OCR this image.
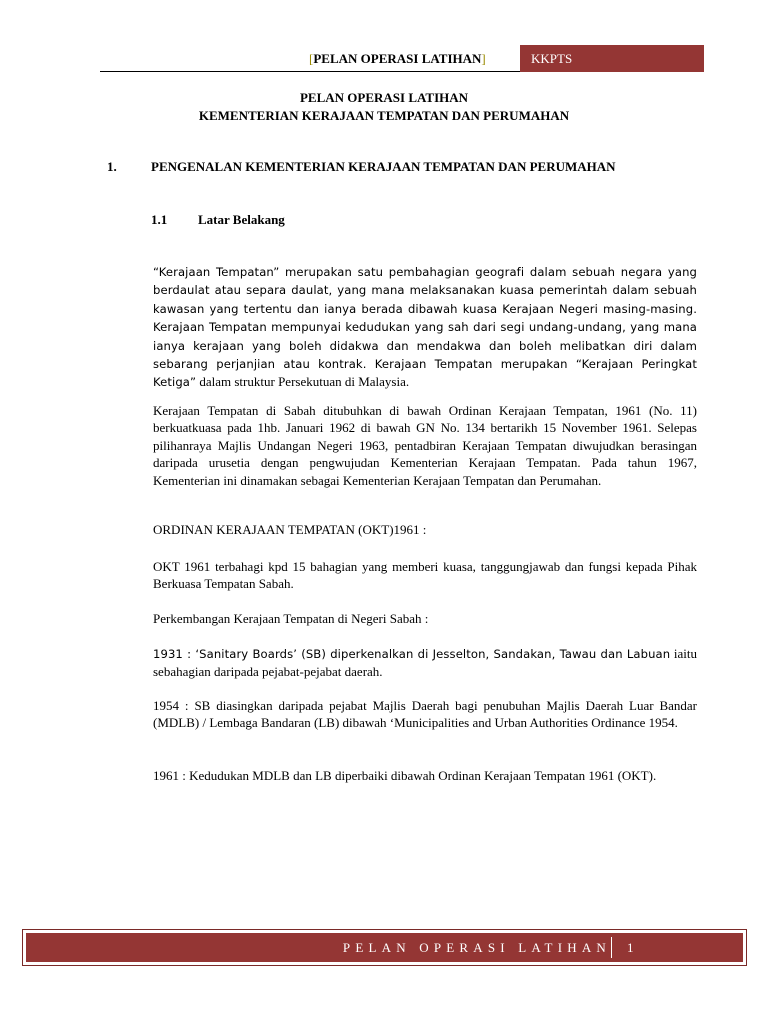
[PELAN OPERASI LATIHAN]	KKPTS
PELAN OPERASI LATIHAN
KEMENTERIAN KERAJAAN TEMPATAN DAN PERUMAHAN
1.	PENGENALAN KEMENTERIAN KERAJAAN TEMPATAN DAN PERUMAHAN
1.1 Latar Belakang

“Kerajaan Tempatan” merupakan satu pembahagian geografi dalam sebuah negara yang berdaulat atau separa daulat, yang mana melaksanakan kuasa pemerintah dalam sebuah kawasan yang tertentu dan ianya berada dibawah kuasa Kerajaan Negeri masing-masing. Kerajaan Tempatan mempunyai kedudukan yang sah dari segi undang-undang, yang mana ianya kerajaan yang boleh didakwa dan mendakwa dan boleh melibatkan diri dalam sebarang perjanjian atau kontrak. Kerajaan Tempatan merupakan “Kerajaan Peringkat Ketiga” dalam struktur Persekutuan di Malaysia.

Kerajaan Tempatan di Sabah ditubuhkan di bawah Ordinan Kerajaan Tempatan, 1961 (No. 11) berkuatkuasa pada 1hb. Januari 1962 di bawah GN No. 134 bertarikh 15 November 1961. Selepas pilihanraya Majlis Undangan Negeri 1963, pentadbiran Kerajaan Tempatan diwujudkan berasingan daripada urusetia dengan pengwujudan Kementerian Kerajaan Tempatan. Pada tahun 1967, Kementerian ini dinamakan sebagai Kementerian Kerajaan Tempatan dan Perumahan.

ORDINAN KERAJAAN TEMPATAN (OKT)1961 :

OKT 1961 terbahagi kpd 15 bahagian yang memberi kuasa, tanggungjawab dan fungsi kepada Pihak Berkuasa Tempatan Sabah.

Perkembangan Kerajaan Tempatan di Negeri Sabah :

1931 : ‘Sanitary Boards’ (SB) diperkenalkan di Jesselton, Sandakan, Tawau dan Labuan iaitu sebahagian daripada pejabat-pejabat daerah.

1954 : SB diasingkan daripada pejabat Majlis Daerah bagi penubuhan Majlis Daerah Luar Bandar (MDLB) / Lembaga Bandaran (LB) dibawah ‘Municipalities and Urban Authorities Ordinance 1954.

1961 : Kedudukan MDLB dan LB diperbaiki dibawah Ordinan Kerajaan Tempatan 1961 (OKT).

PELAN OPERASI LATIHAN 1
